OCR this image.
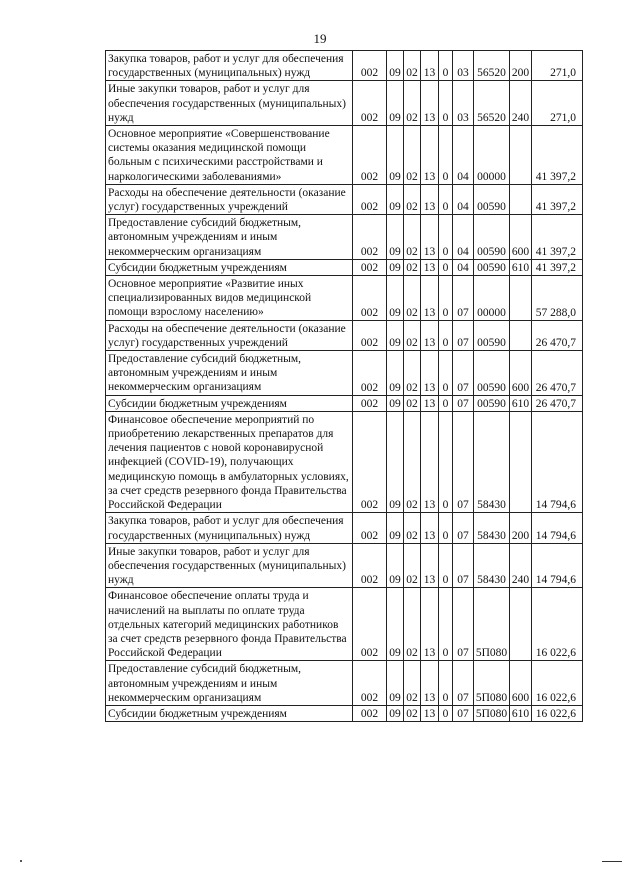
19
Закупка товаров, работ и услуг для обеспечения государственных (муниципальных) нужд	002	09	02	13	0	03	56520	200	271,0
Иные закупки товаров, работ и услуг для обеспечения государственных (муниципальных) нужд	002	09	02	13	0	03	56520	240	271,0
Основное мероприятие «Совершенствование системы оказания медицинской помощи больным с психическими расстройствами и наркологическими заболеваниями»	002	09	02	13	0	04	00000		41 397,2
Расходы на обеспечение деятельности (оказание услуг) государственных учреждений	002	09	02	13	0	04	00590		41 397,2
Предоставление субсидий бюджетным, автономным учреждениям и иным некоммерческим организациям	002	09	02	13	0	04	00590	600	41 397,2
Субсидии бюджетным учреждениям	002	09	02	13	0	04	00590	610	41 397,2
Основное мероприятие «Развитие иных специализированных видов медицинской помощи взрослому населению»	002	09	02	13	0	07	00000		57 288,0
Расходы на обеспечение деятельности (оказание услуг) государственных учреждений	002	09	02	13	0	07	00590		26 470,7
Предоставление субсидий бюджетным, автономным учреждениям и иным некоммерческим организациям	002	09	02	13	0	07	00590	600	26 470,7
Субсидии бюджетным учреждениям	002	09	02	13	0	07	00590	610	26 470,7
Финансовое обеспечение мероприятий по приобретению лекарственных препаратов для лечения пациентов с новой коронавирусной инфекцией (COVID-19), получающих медицинскую помощь в амбулаторных условиях, за счет средств резервного фонда Правительства Российской Федерации	002	09	02	13	0	07	58430		14 794,6
Закупка товаров, работ и услуг для обеспечения государственных (муниципальных) нужд	002	09	02	13	0	07	58430	200	14 794,6
Иные закупки товаров, работ и услуг для обеспечения государственных (муниципальных) нужд	002	09	02	13	0	07	58430	240	14 794,6
Финансовое обеспечение оплаты труда и начислений на выплаты по оплате труда отдельных категорий медицинских работников за счет средств резервного фонда Правительства Российской Федерации	002	09	02	13	0	07	5П080		16 022,6
Предоставление субсидий бюджетным, автономным учреждениям и иным некоммерческим организациям	002	09	02	13	0	07	5П080	600	16 022,6
Субсидии бюджетным учреждениям	002	09	02	13	0	07	5П080	610	16 022,6
